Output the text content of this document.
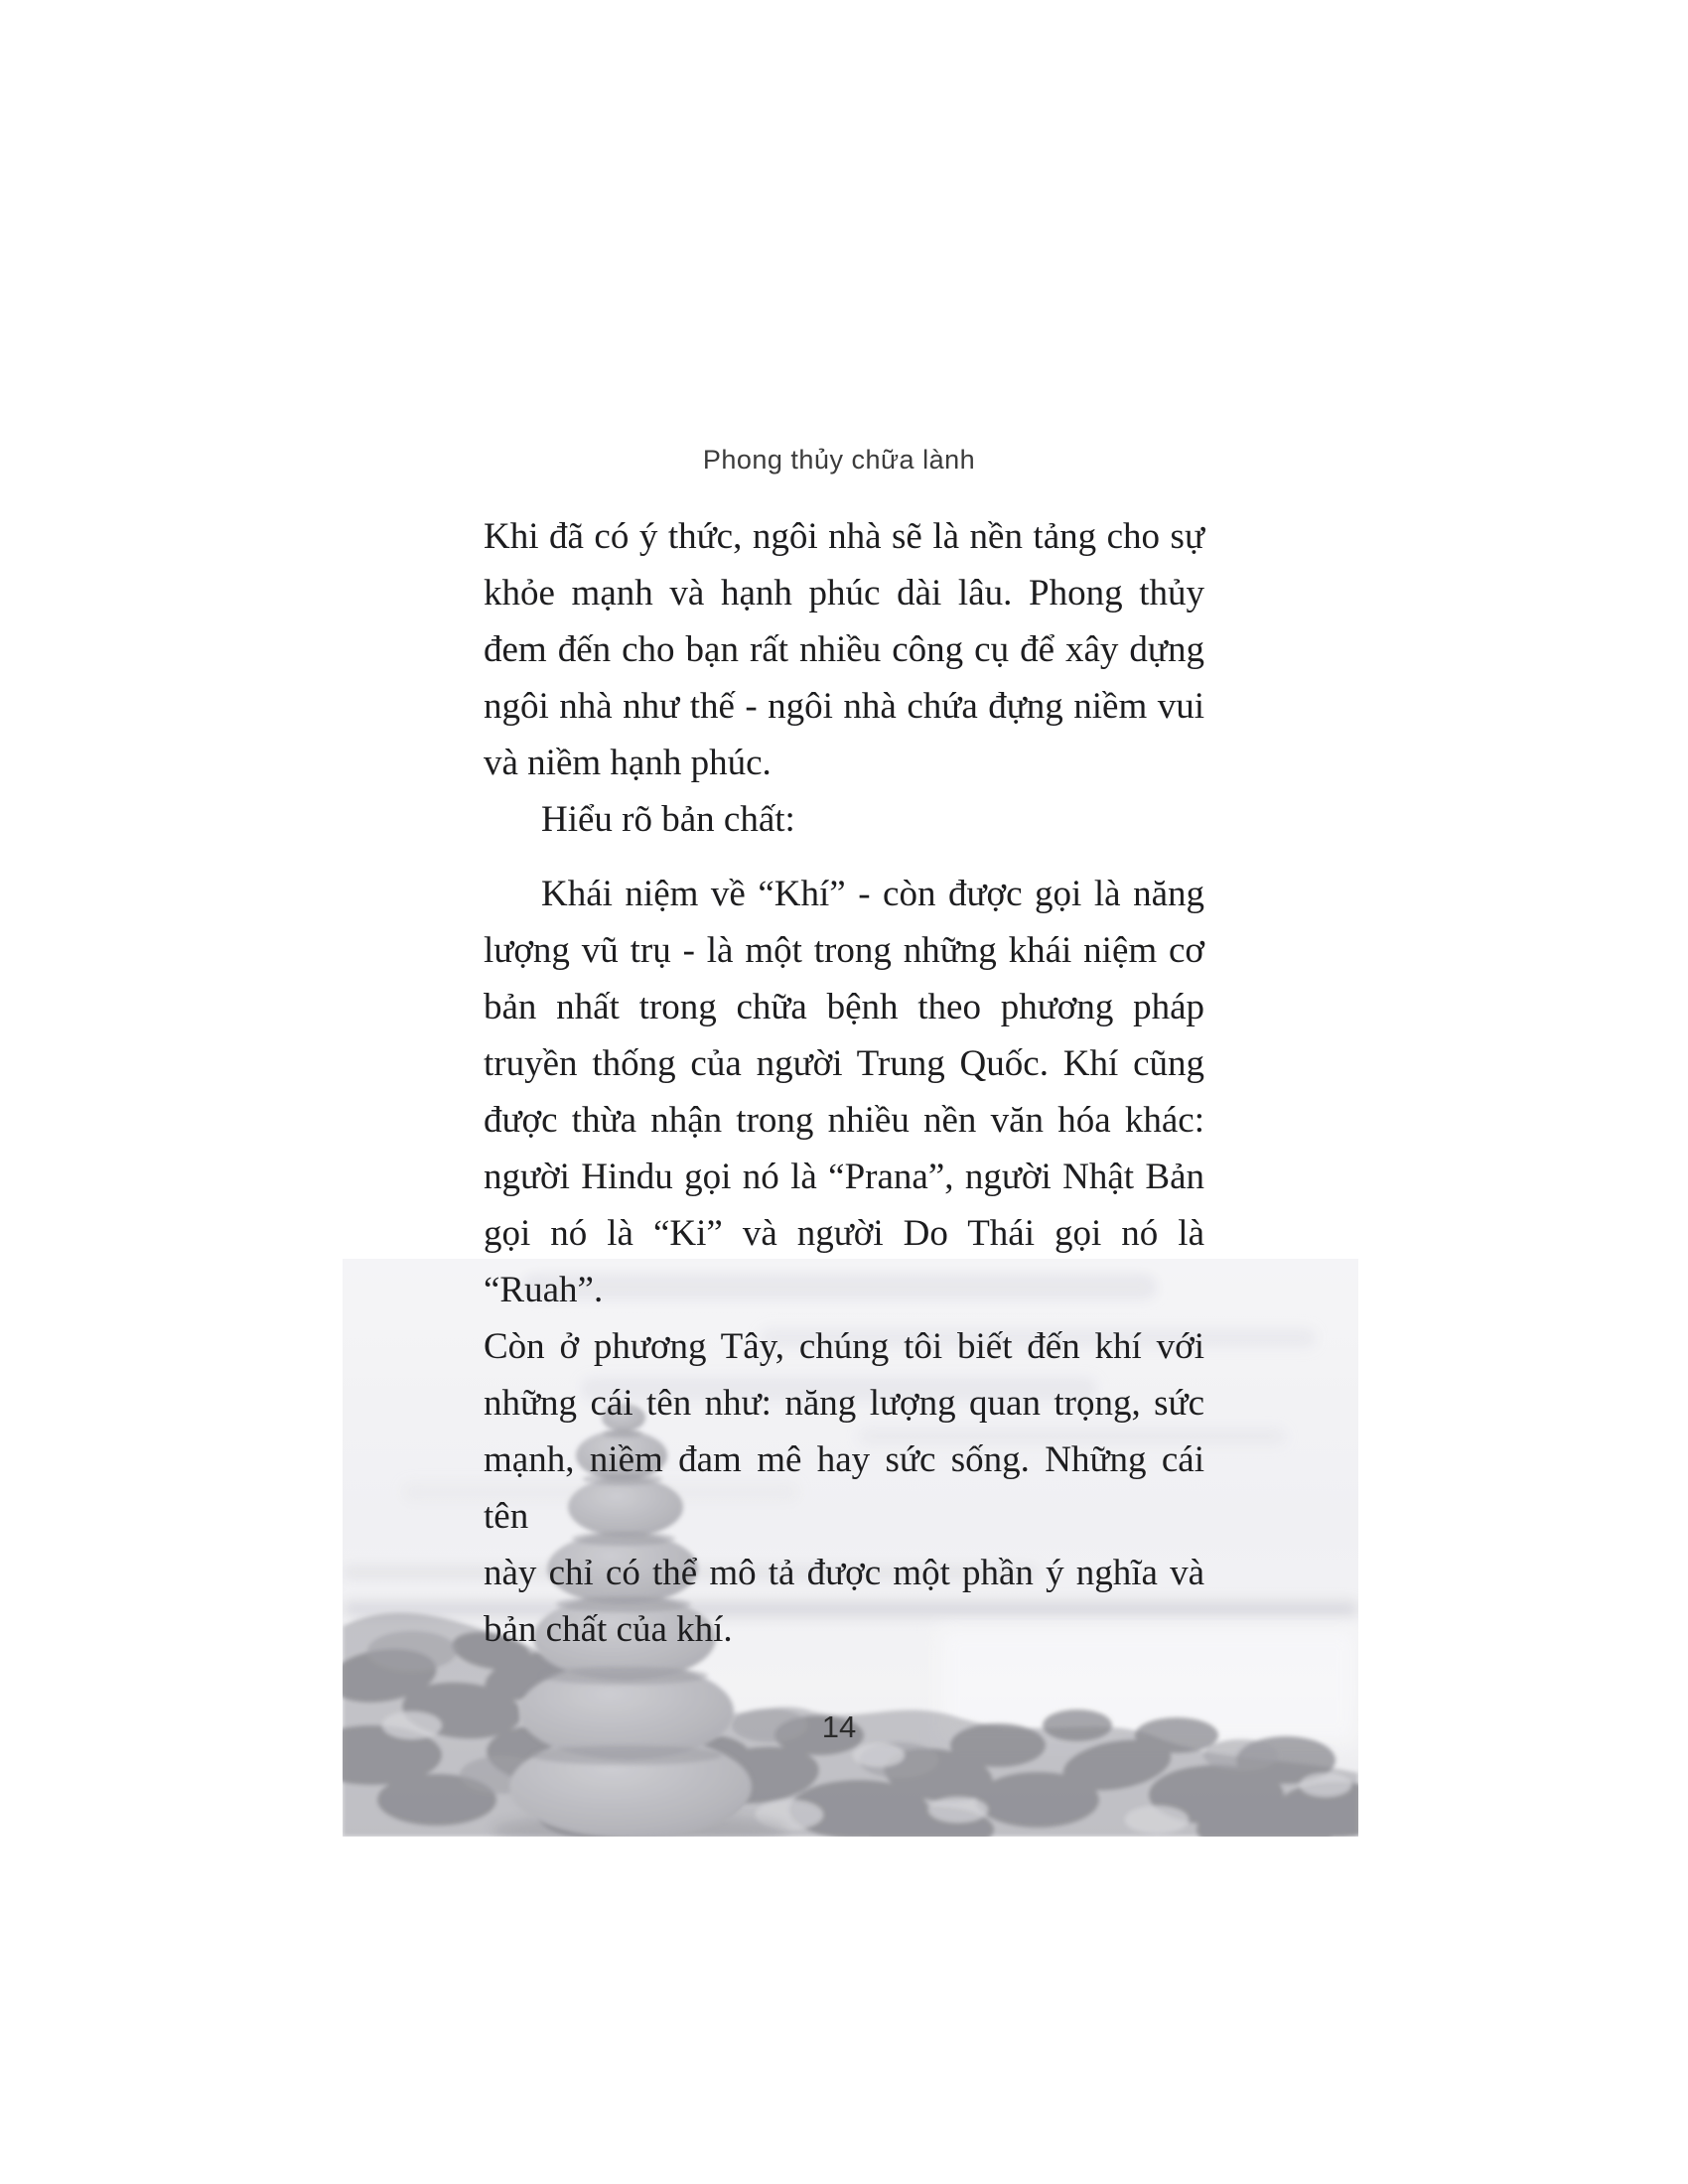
Phong thủy chữa lành
Khi đã có ý thức, ngôi nhà sẽ là nền tảng cho sự
khỏe mạnh và hạnh phúc dài lâu. Phong thủy
đem đến cho bạn rất nhiều công cụ để xây dựng
ngôi nhà như thế - ngôi nhà chứa đựng niềm vui
và niềm hạnh phúc.
Hiểu rõ bản chất:
Khái niệm về “Khí” - còn được gọi là năng
lượng vũ trụ - là một trong những khái niệm cơ
bản nhất trong chữa bệnh theo phương pháp
truyền thống của người Trung Quốc. Khí cũng
được thừa nhận trong nhiều nền văn hóa khác:
người Hindu gọi nó là “Prana”, người Nhật Bản
gọi nó là “Ki” và người Do Thái gọi nó là “Ruah”.
Còn ở phương Tây, chúng tôi biết đến khí với
những cái tên như: năng lượng quan trọng, sức
mạnh, niềm đam mê hay sức sống. Những cái tên
này chỉ có thể mô tả được một phần ý nghĩa và
bản chất của khí.
14
